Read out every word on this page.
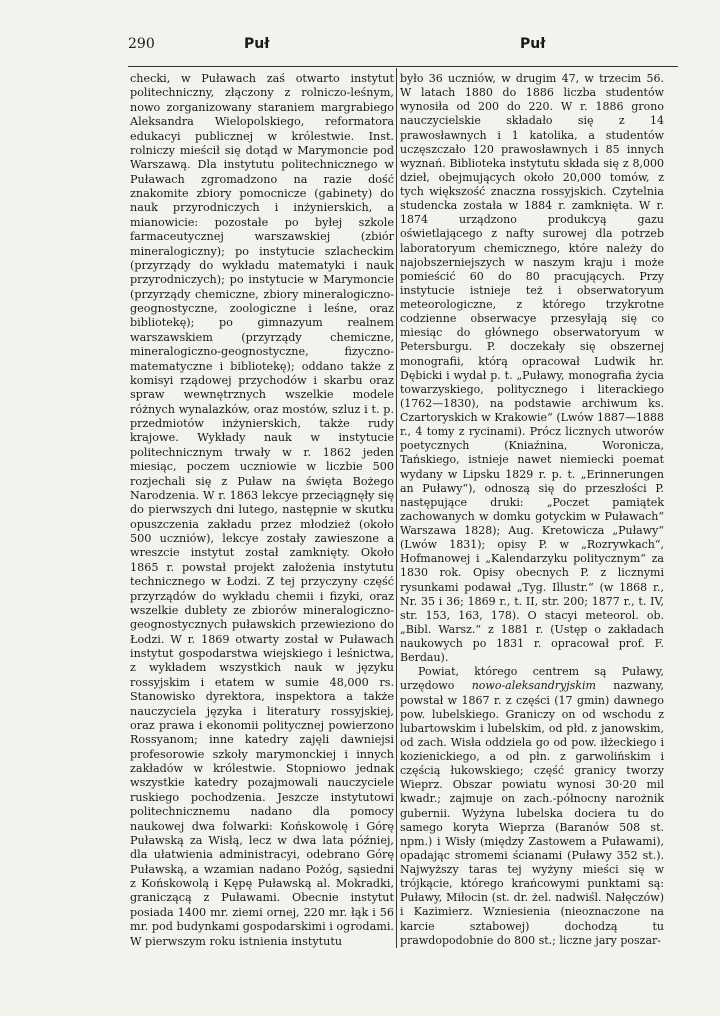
290	Puł	Puł

checki, w Puławach zaś otwarto instytut politechniczny, złączony z rolniczo-leśnym, nowo zorganizowany staraniem margrabiego Aleksandra Wielopolskiego, reformatora edukacyi publicznej w królestwie. Inst. rolniczy mieścił się dotąd w Marymoncie pod Warszawą. Dla instytutu politechnicznego w Puławach zgromadzono na razie dość znakomite zbiory pomocnicze (gabinety) do nauk przyrodniczych i inżynierskich, a mianowicie: pozostałe po byłej szkole farmaceutycznej warszawskiej (zbiór mineralogiczny); po instytucie szlacheckim (przyrządy do wykładu matematyki i nauk przyrodniczych); po instytucie w Marymoncie (przyrządy chemiczne, zbiory mineralogiczno-geognostyczne, zoologiczne i leśne, oraz bibliotekę); po gimnazyum realnem warszawskiem (przyrządy chemiczne, mineralogiczno-geognostyczne, fizyczno-matematyczne i bibliotekę); oddano także z komisyi rządowej przychodów i skarbu oraz spraw wewnętrznych wszelkie modele różnych wynalazków, oraz mostów, szluz i t. p. przedmiotów inżynierskich, także rudy krajowe. Wykłady nauk w instytucie politechnicznym trwały w r. 1862 jeden miesiąc, poczem uczniowie w liczbie 500 rozjechali się z Puław na święta Bożego Narodzenia. W r. 1863 lekcye przeciągnęły się do pierwszych dni lutego, następnie w skutku opuszczenia zakładu przez młodzież (około 500 uczniów), lekcye zostały zawieszone a wreszcie instytut został zamknięty. Około 1865 r. powstał projekt założenia instytutu technicznego w Łodzi. Z tej przyczyny część przyrządów do wykładu chemii i fizyki, oraz wszelkie dublety ze zbiorów mineralogiczno-geognostycznych puławskich przewieziono do Łodzi. W r. 1869 otwarty został w Puławach instytut gospodarstwa wiejskiego i leśnictwa, z wykładem wszystkich nauk w języku rossyjskim i etatem w sumie 48,000 rs. Stanowisko dyrektora, inspektora a także nauczyciela języka i literatury rossyjskiej, oraz prawa i ekonomii politycznej powierzono Rossyanom; inne katedry zajęli dawniejsi profesorowie szkoły marymonckiej i innych zakładów w królestwie. Stopniowo jednak wszystkie katedry pozajmowali nauczyciele ruskiego pochodzenia. Jeszcze instytutowi politechnicznemu nadano dla pomocy naukowej dwa folwarki: Końskowolę i Górę Puławską za Wisłą, lecz w dwa lata później, dla ułatwienia administracyi, odebrano Górę Puławską, a wzamian nadano Pożóg, sąsiedni z Końskowolą i Kępę Puławską al. Mokradki, graniczącą z Puławami. Obecnie instytut posiada 1400 mr. ziemi ornej, 220 mr. łąk i 56 mr. pod budynkami gospodarskimi i ogrodami. W pierwszym roku istnienia instytutu

było 36 uczniów, w drugim 47, w trzecim 56. W latach 1880 do 1886 liczba studentów wynosiła od 200 do 220. W r. 1886 grono nauczycielskie składało się z 14 prawosławnych i 1 katolika, a studentów uczęszczało 120 prawosławnych i 85 innych wyznań. Biblioteka instytutu składa się z 8,000 dzieł, obejmujących około 20,000 tomów, z tych większość znaczna rossyjskich. Czytelnia studencka została w 1884 r. zamknięta. W r. 1874 urządzono produkcyą gazu oświetlającego z nafty surowej dla potrzeb laboratoryum chemicznego, które należy do najobszerniejszych w naszym kraju i może pomieścić 60 do 80 pracujących. Przy instytucie istnieje też i obserwatoryum meteorologiczne, z którego trzykrotne codzienne obserwacye przesyłają się co miesiąc do głównego obserwatoryum w Petersburgu. P. doczekały się obszernej monografii, którą opracował Ludwik hr. Dębicki i wydał p. t. „Puławy, monografia życia towarzyskiego, politycznego i literackiego (1762—1830), na podstawie archiwum ks. Czartoryskich w Krakowie“ (Lwów 1887—1888 r., 4 tomy z rycinami). Prócz licznych utworów poetycznych (Kniaźnina, Woronicza, Tańskiego, istnieje nawet niemiecki poemat wydany w Lipsku 1829 r. p. t. „Erinnerungen an Puławy“), odnoszą się do przeszłości P. następujące druki: „Poczet pamiątek zachowanych w domku gotyckim w Puławach“ Warszawa 1828); Aug. Kretowicza „Puławy“ (Lwów 1831); opisy P. w „Rozrywkach“, Hofmanowej i „Kalendarzyku politycznym“ za 1830 rok. Opisy obecnych P. z licznymi rysunkami podawał „Tyg. Illustr.“ (w 1868 r., Nr. 35 i 36; 1869 r., t. II, str. 200; 1877 r., t. IV, str. 153, 163, 178). O stacyi meteorol. ob. „Bibl. Warsz.“ z 1881 r. (Ustęp o zakładach naukowych po 1831 r. opracował prof. F. Berdau).

Powiat, którego centrem są Puławy, urzędowo nowo-aleksandryjskim nazwany, powstał w 1867 r. z części (17 gmin) dawnego pow. lubelskiego. Graniczy on od wschodu z lubartowskim i lubelskim, od płd. z janowskim, od zach. Wisła oddziela go od pow. iłżeckiego i kozienickiego, a od płn. z garwolińskim i częścią łukowskiego; część granicy tworzy Wieprz. Obszar powiatu wynosi 30·20 mil kwadr.; zajmuje on zach.-północny narożnik gubernii. Wyżyna lubelska dociera tu do samego koryta Wieprza (Baranów 508 st. npm.) i Wisły (między Zastowem a Puławami), opadając stromemi ścianami (Puławy 352 st.). Najwyższy taras tej wyżyny mieści się w trójkącie, którego krańcowymi punktami są: Puławy, Miłocin (st. dr. żel. nadwiśl. Nałęczów) i Kazimierz. Wzniesienia (nieoznaczone na karcie sztabowej) dochodzą tu prawdopodobnie do 800 st.; liczne jary poszar-
